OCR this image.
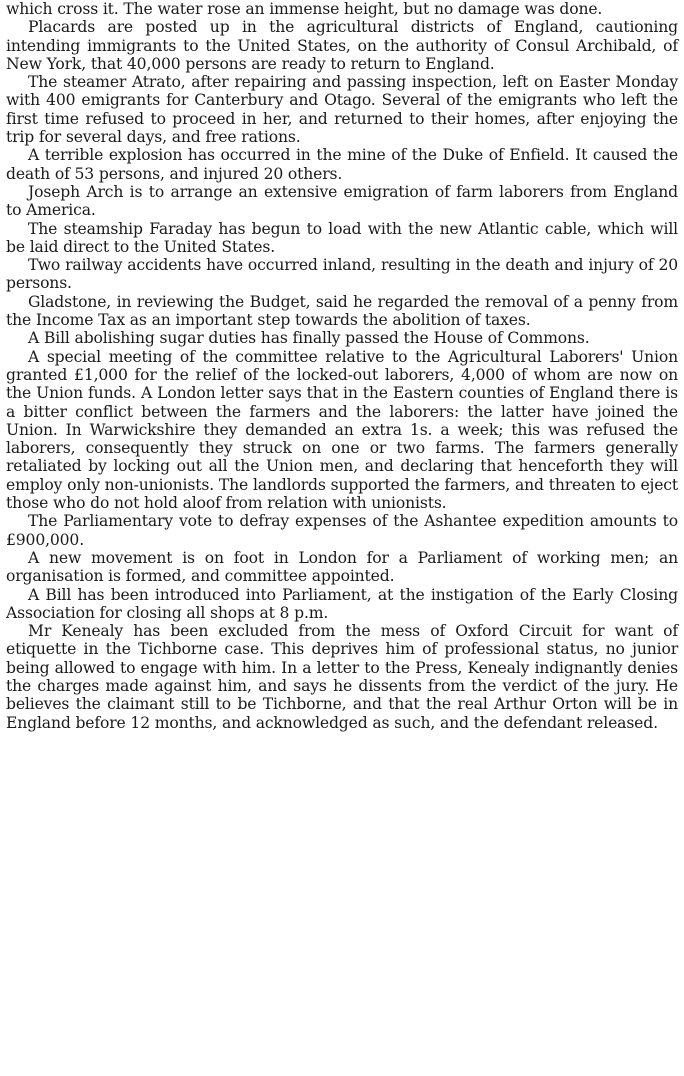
which cross it. The water rose an immense height, but no damage was done.

Placards are posted up in the agricultural districts of England, cautioning intending immigrants to the United States, on the authority of Consul Archibald, of New York, that 40,000 persons are ready to return to England.

The steamer Atrato, after repairing and passing inspection, left on Easter Monday with 400 emigrants for Canterbury and Otago. Several of the emigrants who left the first time refused to proceed in her, and returned to their homes, after enjoying the trip for several days, and free rations.

A terrible explosion has occurred in the mine of the Duke of Enfield. It caused the death of 53 persons, and injured 20 others.

Joseph Arch is to arrange an extensive emigration of farm laborers from England to America.

The steamship Faraday has begun to load with the new Atlantic cable, which will be laid direct to the United States.

Two railway accidents have occurred inland, resulting in the death and injury of 20 persons.

Gladstone, in reviewing the Budget, said he regarded the removal of a penny from the Income Tax as an important step towards the abolition of taxes.

A Bill abolishing sugar duties has finally passed the House of Commons.

A special meeting of the committee relative to the Agricultural Laborers' Union granted £1,000 for the relief of the locked-out laborers, 4,000 of whom are now on the Union funds. A London letter says that in the Eastern counties of England there is a bitter conflict between the farmers and the laborers: the latter have joined the Union. In Warwickshire they demanded an extra 1s. a week; this was refused the laborers, consequently they struck on one or two farms. The farmers generally retaliated by locking out all the Union men, and declaring that henceforth they will employ only non-unionists. The landlords supported the farmers, and threaten to eject those who do not hold aloof from relation with unionists.

The Parliamentary vote to defray expenses of the Ashantee expedition amounts to £900,000.

A new movement is on foot in London for a Parliament of working men; an organisation is formed, and committee appointed.

A Bill has been introduced into Parliament, at the instigation of the Early Closing Association for closing all shops at 8 p.m.

Mr Kenealy has been excluded from the mess of Oxford Circuit for want of etiquette in the Tichborne case. This deprives him of professional status, no junior being allowed to engage with him. In a letter to the Press, Kenealy indignantly denies the charges made against him, and says he dissents from the verdict of the jury. He believes the claimant still to be Tichborne, and that the real Arthur Orton will be in England before 12 months, and acknowledged as such, and the defendant released.
